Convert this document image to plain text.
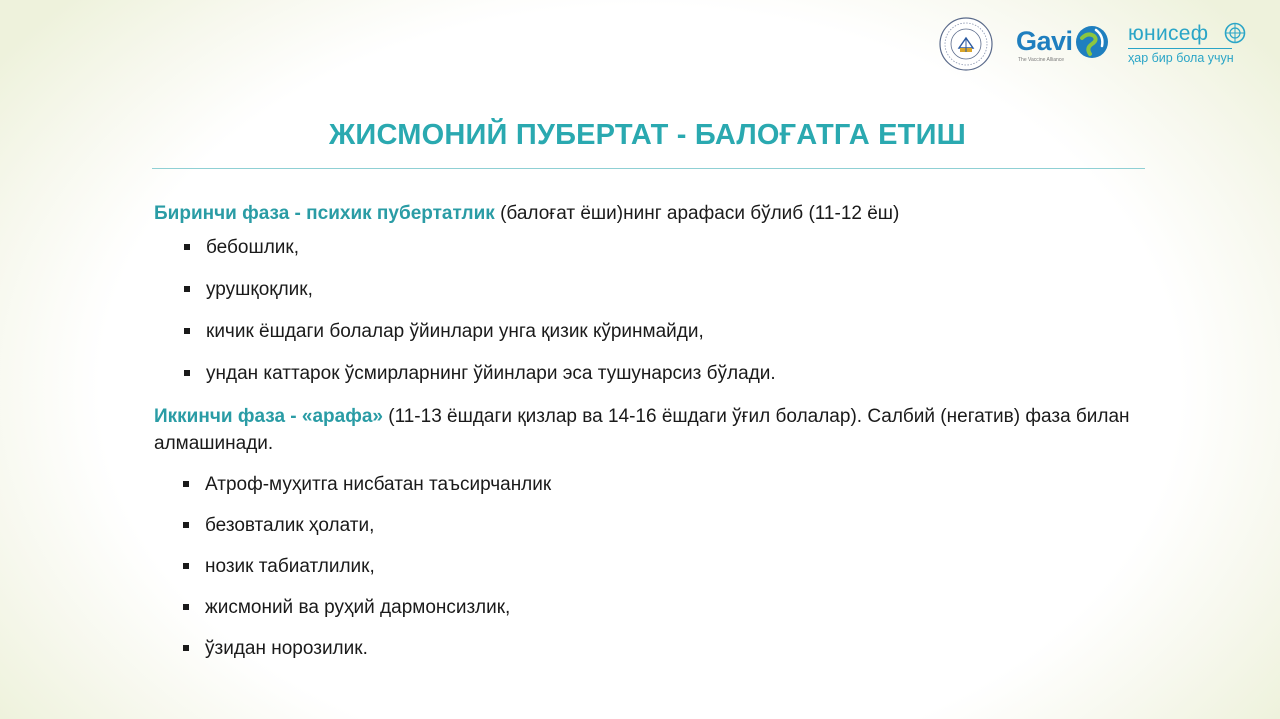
Gavi
The Vaccine Alliance
юнисеф
ҳар бир бола учун
ЖИСМОНИЙ ПУБЕРТАТ - БАЛОҒАТГА ЕТИШ
Биринчи фаза - психик пубертатлик (балоғат ёши)нинг арафаси бўлиб (11-12 ёш)
бебошлик,
урушқоқлик,
кичик ёшдаги болалар ўйинлари унга қизик кўринмайди,
ундан каттарок ўсмирларнинг ўйинлари эса тушунарсиз бўлади.
Иккинчи фаза - «арафа» (11-13 ёшдаги қизлар ва 14-16 ёшдаги ўғил болалар). Салбий (негатив) фаза билан алмашинади.
Атроф-муҳитга нисбатан таъсирчанлик
безовталик ҳолати,
нозик табиатлилик,
жисмоний ва руҳий дармонсизлик,
ўзидан норозилик.
